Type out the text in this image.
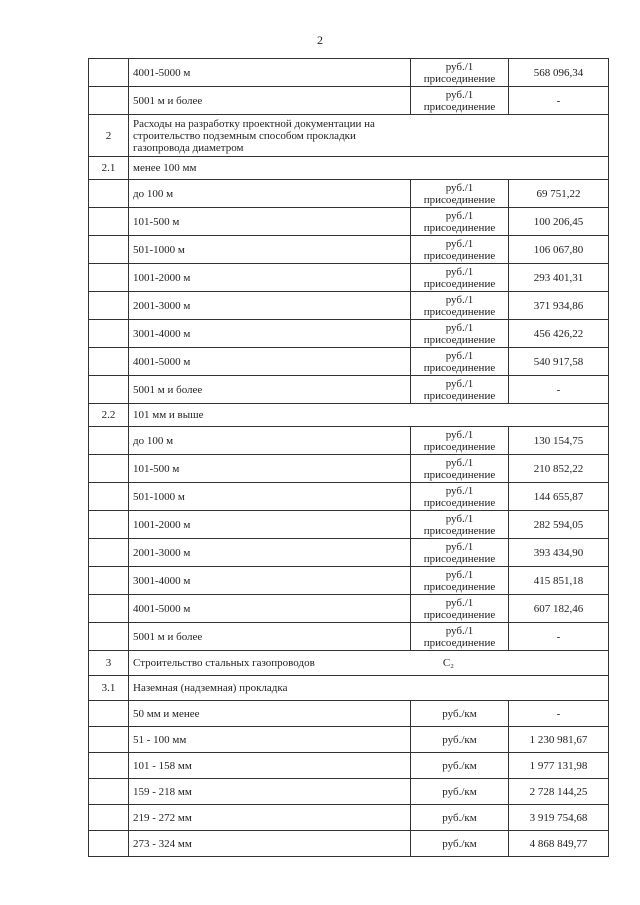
2
	4001-5000 м	руб./1 присоединение	568 096,34
	5001 м и более	руб./1 присоединение	-
2	Расходы на разработку проектной документации на строительство подземным способом прокладки газопровода диаметром		

2.1	менее 100 мм		

	до 100 м	руб./1 присоединение	69 751,22
	101-500 м	руб./1 присоединение	100 206,45
	501-1000 м	руб./1 присоединение	106 067,80
	1001-2000 м	руб./1 присоединение	293 401,31
	2001-3000 м	руб./1 присоединение	371 934,86
	3001-4000 м	руб./1 присоединение	456 426,22
	4001-5000 м	руб./1 присоединение	540 917,58
	5001 м и более	руб./1 присоединение	-
2.2	101 мм и выше		

	до 100 м	руб./1 присоединение	130 154,75
	101-500 м	руб./1 присоединение	210 852,22
	501-1000 м	руб./1 присоединение	144 655,87
	1001-2000 м	руб./1 присоединение	282 594,05
	2001-3000 м	руб./1 присоединение	393 434,90
	3001-4000 м	руб./1 присоединение	415 851,18
	4001-5000 м	руб./1 присоединение	607 182,46
	5001 м и более	руб./1 присоединение	-
3	Строительство стальных газопроводов C₂		

3.1	Наземная (надземная) прокладка		

	50 мм и менее	руб./км	-
	51 - 100 мм	руб./км	1 230 981,67
	101 - 158 мм	руб./км	1 977 131,98
	159 - 218 мм	руб./км	2 728 144,25
	219 - 272 мм	руб./км	3 919 754,68
	273 - 324 мм	руб./км	4 868 849,77
